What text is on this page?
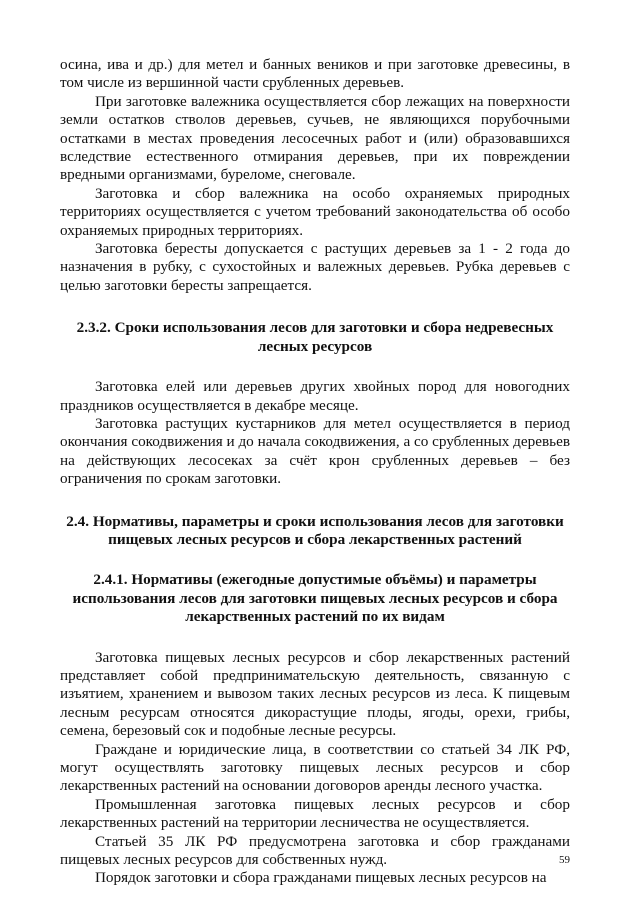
осина, ива и др.) для метел и банных веников и при заготовке древесины, в том числе из вершинной части срубленных деревьев.

При заготовке валежника осуществляется сбор лежащих на поверхности земли остатков стволов деревьев, сучьев, не являющихся порубочными остатками в местах проведения лесосечных работ и (или) образовавшихся вследствие естественного отмирания деревьев, при их повреждении вредными организмами, буреломе, снеговале.

Заготовка и сбор валежника на особо охраняемых природных территориях осуществляется с учетом требований законодательства об особо охраняемых природных территориях.

Заготовка бересты допускается с растущих деревьев за 1 - 2 года до назначения в рубку, с сухостойных и валежных деревьев. Рубка деревьев с целью заготовки бересты запрещается.

2.3.2. Сроки использования лесов для заготовки и сбора недревесных лесных ресурсов

Заготовка елей или деревьев других хвойных пород для новогодних праздников осуществляется в декабре месяце.

Заготовка растущих кустарников для метел осуществляется в период окончания сокодвижения и до начала сокодвижения, а со срубленных деревьев на действующих лесосеках за счёт крон срубленных деревьев – без ограничения по срокам заготовки.

2.4. Нормативы, параметры и сроки использования лесов для заготовки пищевых лесных ресурсов и сбора лекарственных растений
2.4.1. Нормативы (ежегодные допустимые объёмы) и параметры использования лесов для заготовки пищевых лесных ресурсов и сбора лекарственных растений по их видам

Заготовка пищевых лесных ресурсов и сбор лекарственных растений представляет собой предпринимательскую деятельность, связанную с изъятием, хранением и вывозом таких лесных ресурсов из леса. К пищевым лесным ресурсам относятся дикорастущие плоды, ягоды, орехи, грибы, семена, березовый сок и подобные лесные ресурсы.

Граждане и юридические лица, в соответствии со статьей 34 ЛК РФ, могут осуществлять заготовку пищевых лесных ресурсов и сбор лекарственных растений на основании договоров аренды лесного участка.

Промышленная заготовка пищевых лесных ресурсов и сбор лекарственных растений на территории лесничества не осуществляется.

Статьей 35 ЛК РФ предусмотрена заготовка и сбор гражданами пищевых лесных ресурсов для собственных нужд.

Порядок заготовки и сбора гражданами пищевых лесных ресурсов на

59
